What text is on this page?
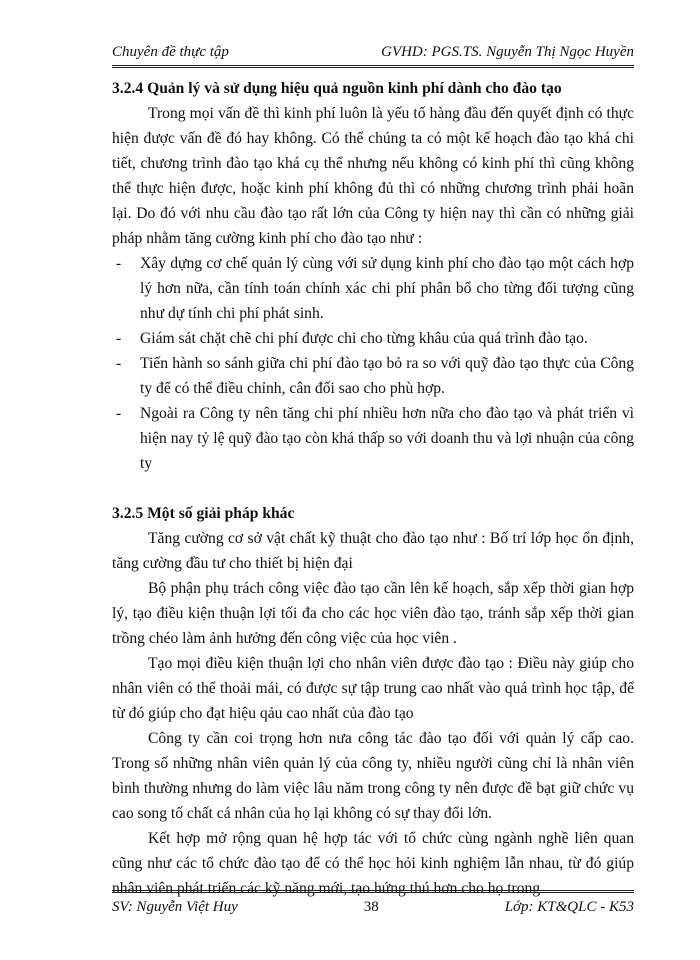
Chuyên đề thực tập	GVHD: PGS.TS. Nguyễn Thị Ngọc Huyền
3.2.4 Quản lý và sử dụng hiệu quả nguồn kinh phí dành cho đào tạo

Trong mọi vấn đề thì kinh phí luôn là yếu tố hàng đầu đến quyết định có thực hiện được vấn đề đó hay không. Có thể chúng ta có một kế hoạch đào tạo khá chi tiết, chương trình đào tạo khá cụ thể nhưng nếu không có kinh phí thì cũng không thể thực hiện được, hoặc kinh phí không đủ thì có những chương trình phải hoãn lại. Do đó với nhu cầu đào tạo rất lớn của Công ty hiện nay thì cần có những giải pháp nhằm tăng cường kinh phí cho đào tạo như :

- Xây dựng cơ chế quản lý cùng với sử dụng kinh phí cho đào tạo một cách hợp lý hơn nữa, cần tính toán chính xác chi phí phân bổ cho từng đối tượng cũng như dự tính chi phí phát sinh.
- Giám sát chặt chẽ chi phí được chi cho từng khâu của quá trình đào tạo.
- Tiến hành so sánh giữa chi phí đào tạo bỏ ra so với quỹ đào tạo thực của Công ty để có thể điều chỉnh, cân đối sao cho phù hợp.
- Ngoài ra Công ty nên tăng chi phí nhiều hơn nữa cho đào tạo và phát triển vì hiện nay tỷ lệ quỹ đào tạo còn khá thấp so với doanh thu và lợi nhuận của công ty
3.2.5 Một số giải pháp khác

Tăng cường cơ sở vật chất kỹ thuật cho đào tạo như : Bố trí lớp học ổn định, tăng cường đầu tư cho thiết bị hiện đại

Bộ phận phụ trách công việc đào tạo cần lên kế hoạch, sắp xếp thời gian hợp lý, tạo điều kiện thuận lợi tối đa cho các học viên đào tạo, tránh sắp xếp thời gian trồng chéo làm ảnh hưởng đến công việc của học viên .

Tạo mọi điều kiện thuận lợi cho nhân viên được đào tạo : Điều này giúp cho nhân viên có thể thoải mái, có được sự tập trung cao nhất vào quá trình học tập, để từ đó giúp cho đạt hiệu qảu cao nhất của đào tạo

Công ty cần coi trọng hơn nưa công tác đào tạo đối với quản lý cấp cao. Trong số những nhân viên quản lý của công ty, nhiều người cũng chỉ là nhân viên bình thường nhưng do làm việc lâu năm trong công ty nên được đề bạt giữ chức vụ cao song tố chất cá nhân của họ lại không có sự thay đổi lớn.

Kết hợp mở rộng quan hệ hợp tác với tổ chức cùng ngành nghề liên quan cũng như các tổ chức đào tạo để có thể học hỏi kinh nghiệm lẫn nhau, từ đó giúp nhân viên phát triển các kỹ năng mới, tạo hứng thú hơn cho họ trong

SV: Nguyễn Việt Huy	38	Lớp: KT&QLC - K53
